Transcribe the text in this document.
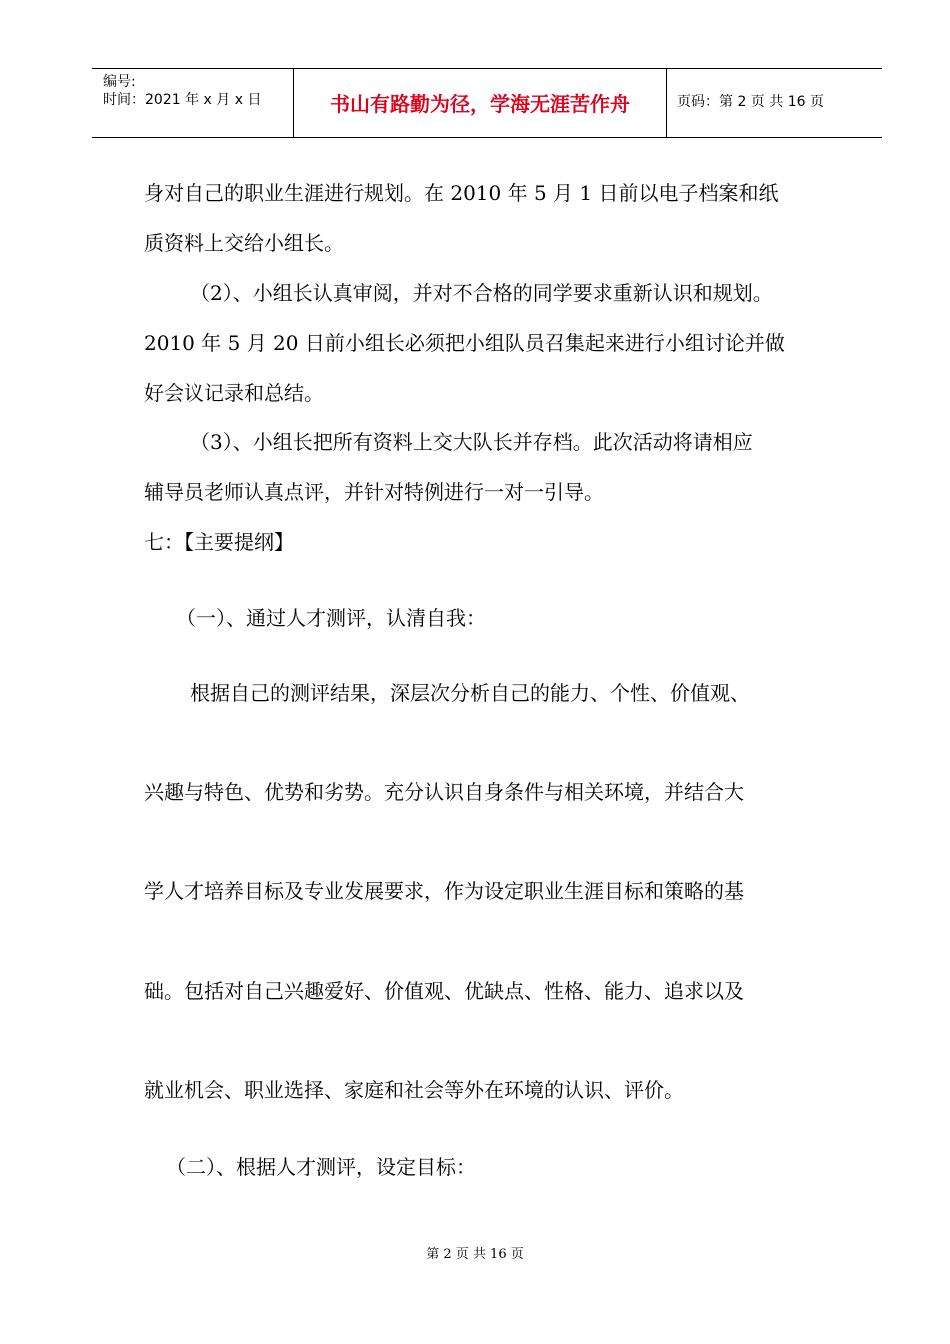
编号:
时间：2021 年 x 月 x 日	书山有路勤为径，学海无涯苦作舟	页码：第 2 页 共 16 页

身对自己的职业生涯进行规划。在 2010 年 5 月 1 日前以电子档案和纸

质资料上交给小组长。

（2）、小组长认真审阅，并对不合格的同学要求重新认识和规划。

2010 年 5 月 20 日前小组长必须把小组队员召集起来进行小组讨论并做

好会议记录和总结。

（3）、小组长把所有资料上交大队长并存档。此次活动将请相应

辅导员老师认真点评，并针对特例进行一对一引导。

七：【主要提纲】

（一）、通过人才测评，认清自我：

根据自己的测评结果，深层次分析自己的能力、个性、价值观、

兴趣与特色、优势和劣势。充分认识自身条件与相关环境，并结合大

学人才培养目标及专业发展要求，作为设定职业生涯目标和策略的基

础。包括对自己兴趣爱好、价值观、优缺点、性格、能力、追求以及

就业机会、职业选择、家庭和社会等外在环境的认识、评价。

（二）、根据人才测评，设定目标：

第 2 页 共 16 页
